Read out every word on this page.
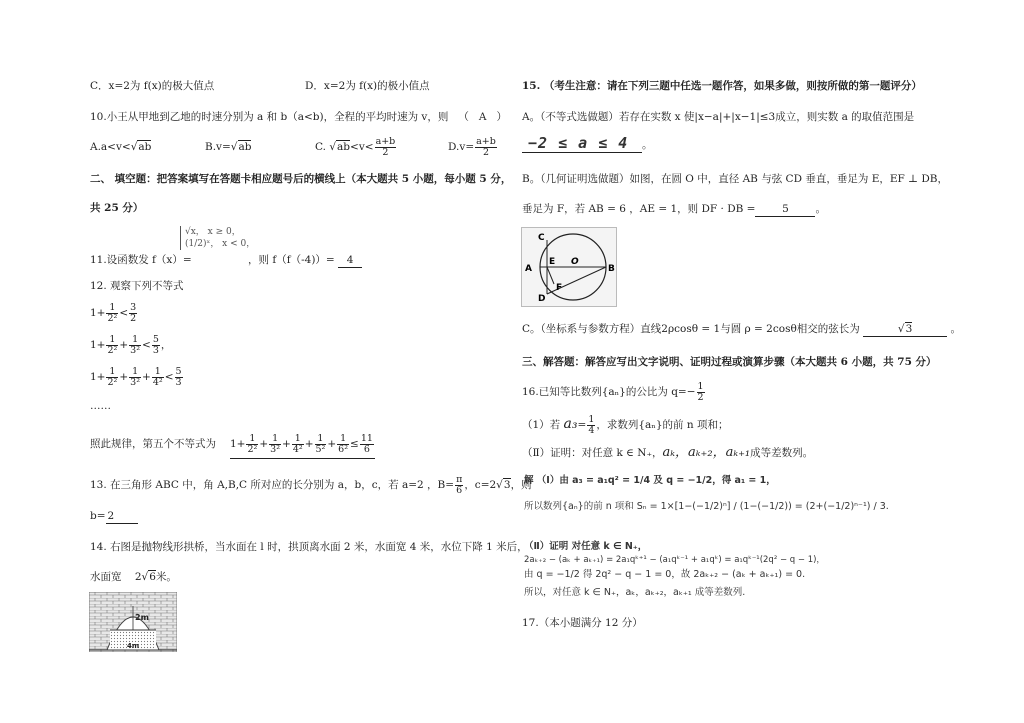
C．x=2为 f(x)的极大值点	D．x=2为 f(x)的极小值点
10.小王从甲地到乙地的时速分别为 a 和 b（a<b)，全程的平均时速为 v，则   （   A   ）
A.a<v<√ab	B.v=√ab	C. $√ab<v< \frac{a+b}{2}$	$D.v= \frac{a+b}{2}$
二、 填空题：把答案填写在答题卡相应题号后的横线上（本大题共 5 小题，每小题 5 分，
共 25 分）
√x， x ≥ 0，
(1/2)ˣ， x < 0，
11.设函数发 f（x）=	，则 f（f（-4)）= 4
12. 观察下列不等式
$1+ \frac{1}{\text{2²}} < \frac{3}{2}$
$1+ \frac{1}{\text{2²}} + \frac{1}{\text{3²}} < \frac{5}{3}$ ，
$1+ \frac{1}{\text{2²}} + \frac{1}{\text{3²}} + \frac{1}{\text{4²}} < \frac{5}{3}$
……
照此规律，第五个不等式为 $1+ \frac{1}{\text{2²}} + \frac{1}{\text{3²}} + \frac{1}{\text{4²}} + \frac{1}{\text{5²}} + \frac{1}{\text{6²}} \le \frac{11}{6}$
13. 在三角形 ABC 中，角 A,B,C 所对应的长分别为 a，b，c，若 a=2 ，$B= \frac{\pi}{6}$ ，c=2√3，则
b= 2
14. 右图是抛物线形拱桥，当水面在 l 时，拱顶离水面 2 米，水面宽 4 米，水位下降 1 米后，
水面宽 2√6米。
2m
4m
15. （考生注意：请在下列三题中任选一题作答，如果多做，则按所做的第一题评分）
A。（不等式选做题）若存在实数 x 使|x−a|+|x−1|≤3成立，则实数 a 的取值范围是
−2 ≤ a ≤ 4 。
B。（几何证明选做题）如图，在圆 O 中，直径 AB 与弦 CD 垂直，垂足为 E，EF ⊥ DB，
垂足为 F，若 AB = 6 ，AE = 1，则 DF · DB =	5	。
C
A
E O
B
D
F
C。（坐标系与参数方程）直线2ρcosθ = 1与圆 ρ = 2cosθ相交的弦长为	√3	。
三、解答题：解答应写出文字说明、证明过程或演算步骤（本大题共 6 小题，共 75 分）
16.已知等比数列{aₙ}的公比为 $q=- \frac{1}{2}$
（1）若 $a_3= \frac{1}{4}$ ，求数列{aₙ}的前 n 项和；
（Ⅱ）证明：对任意 k ∈ N₊，aₖ，aₖ₊₂，aₖ₊₁成等差数列。
解 （Ⅰ）由 a₃ = a₁q² = 1/4 及 q = −1/2，得 a₁ = 1，
所以数列{aₙ}的前 n 项和 Sₙ = 1×[1−(−1/2)ⁿ] / (1−(−1/2)) = (2+(−1/2)ⁿ⁻¹) / 3.
（Ⅱ）证明 对任意 k ∈ N₊，
2aₖ₊₂ − (aₖ + aₖ₊₁) = 2a₁qᵏ⁺¹ − (a₁qᵏ⁻¹ + a₁qᵏ) = a₁qᵏ⁻¹(2q² − q − 1)，
由 q = −1/2 得 2q² − q − 1 = 0，故 2aₖ₊₂ − (aₖ + aₖ₊₁) = 0.
所以，对任意 k ∈ N₊，aₖ，aₖ₊₂，aₖ₊₁ 成等差数列.
17.（本小题满分 12 分）
